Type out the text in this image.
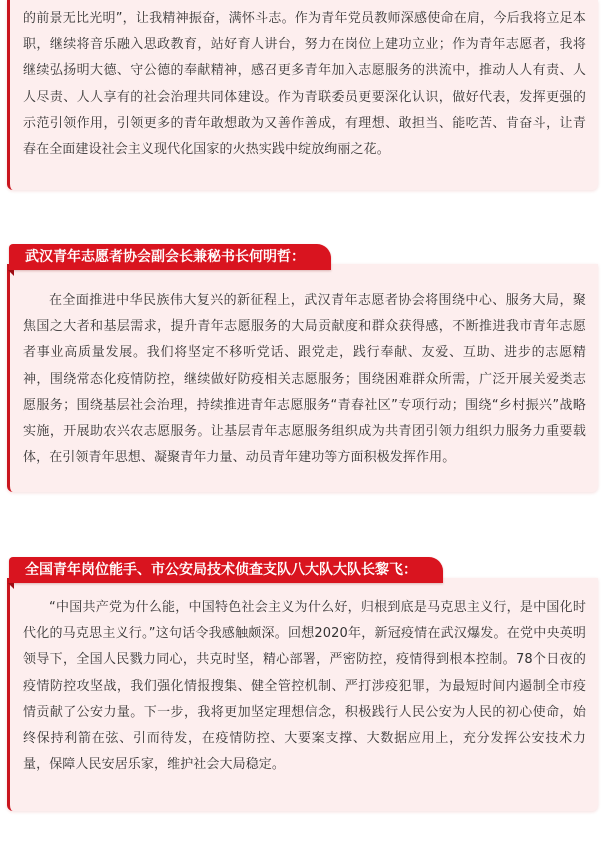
的前景无比光明”，让我精神振奋，满怀斗志。作为青年党员教师深感使命在肩，今后我将立足本职，继续将音乐融入思政教育，站好育人讲台，努力在岗位上建功立业；作为青年志愿者，我将继续弘扬明大德、守公德的奉献精神，感召更多青年加入志愿服务的洪流中，推动人人有责、人人尽责、人人享有的社会治理共同体建设。作为青联委员更要深化认识，做好代表，发挥更强的示范引领作用，引领更多的青年敢想敢为又善作善成，有理想、敢担当、能吃苦、肯奋斗，让青春在全面建设社会主义现代化国家的火热实践中绽放绚丽之花。

在全面推进中华民族伟大复兴的新征程上，武汉青年志愿者协会将围绕中心、服务大局，聚焦国之大者和基层需求，提升青年志愿服务的大局贡献度和群众获得感，不断推进我市青年志愿者事业高质量发展。我们将坚定不移听党话、跟党走，践行奉献、友爱、互助、进步的志愿精神，围绕常态化疫情防控，继续做好防疫相关志愿服务；围绕困难群众所需，广泛开展关爱类志愿服务；围绕基层社会治理，持续推进青年志愿服务“青春社区”专项行动；围绕“乡村振兴”战略实施，开展助农兴农志愿服务。让基层青年志愿服务组织成为共青团引领力组织力服务力重要载体，在引领青年思想、凝聚青年力量、动员青年建功等方面积极发挥作用。

武汉青年志愿者协会副会长兼秘书长何明哲：

“中国共产党为什么能，中国特色社会主义为什么好，归根到底是马克思主义行，是中国化时代化的马克思主义行。”这句话令我感触颇深。回想2020年，新冠疫情在武汉爆发。在党中央英明领导下，全国人民戮力同心，共克时坚，精心部署，严密防控，疫情得到根本控制。78个日夜的疫情防控攻坚战，我们强化情报搜集、健全管控机制、严打涉疫犯罪，为最短时间内遏制全市疫情贡献了公安力量。下一步，我将更加坚定理想信念，积极践行人民公安为人民的初心使命，始终保持利箭在弦、引而待发，在疫情防控、大要案支撑、大数据应用上，充分发挥公安技术力量，保障人民安居乐家，维护社会大局稳定。

全国青年岗位能手、市公安局技术侦查支队八大队大队长黎飞：
